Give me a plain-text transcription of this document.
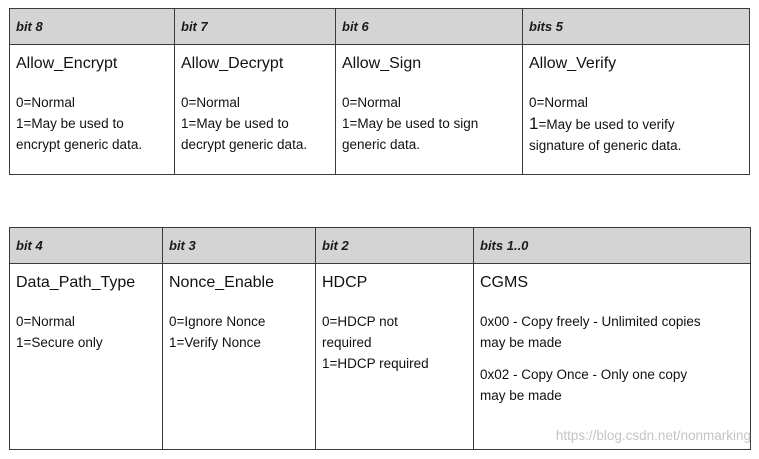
bit 8	bit 7	bit 6	bits 5

Allow_Encrypt
0=Normal
1=May be used to
encrypt generic data.	Allow_Decrypt
0=Normal
1=May be used to
decrypt generic data.	Allow_Sign
0=Normal
1=May be used to sign
generic data.	Allow_Verify
0=Normal
1=May be used to verify
signature of generic data.
bit 4	bit 3	bit 2	bits 1..0

Data_Path_Type
0=Normal
1=Secure only	Nonce_Enable
0=Ignore Nonce
1=Verify Nonce	HDCP
0=HDCP not
required
1=HDCP required	CGMS
0x00 - Copy freely - Unlimited copies
may be made
0x02 - Copy Once - Only one copy
may be made
https://blog.csdn.net/nonmarking
